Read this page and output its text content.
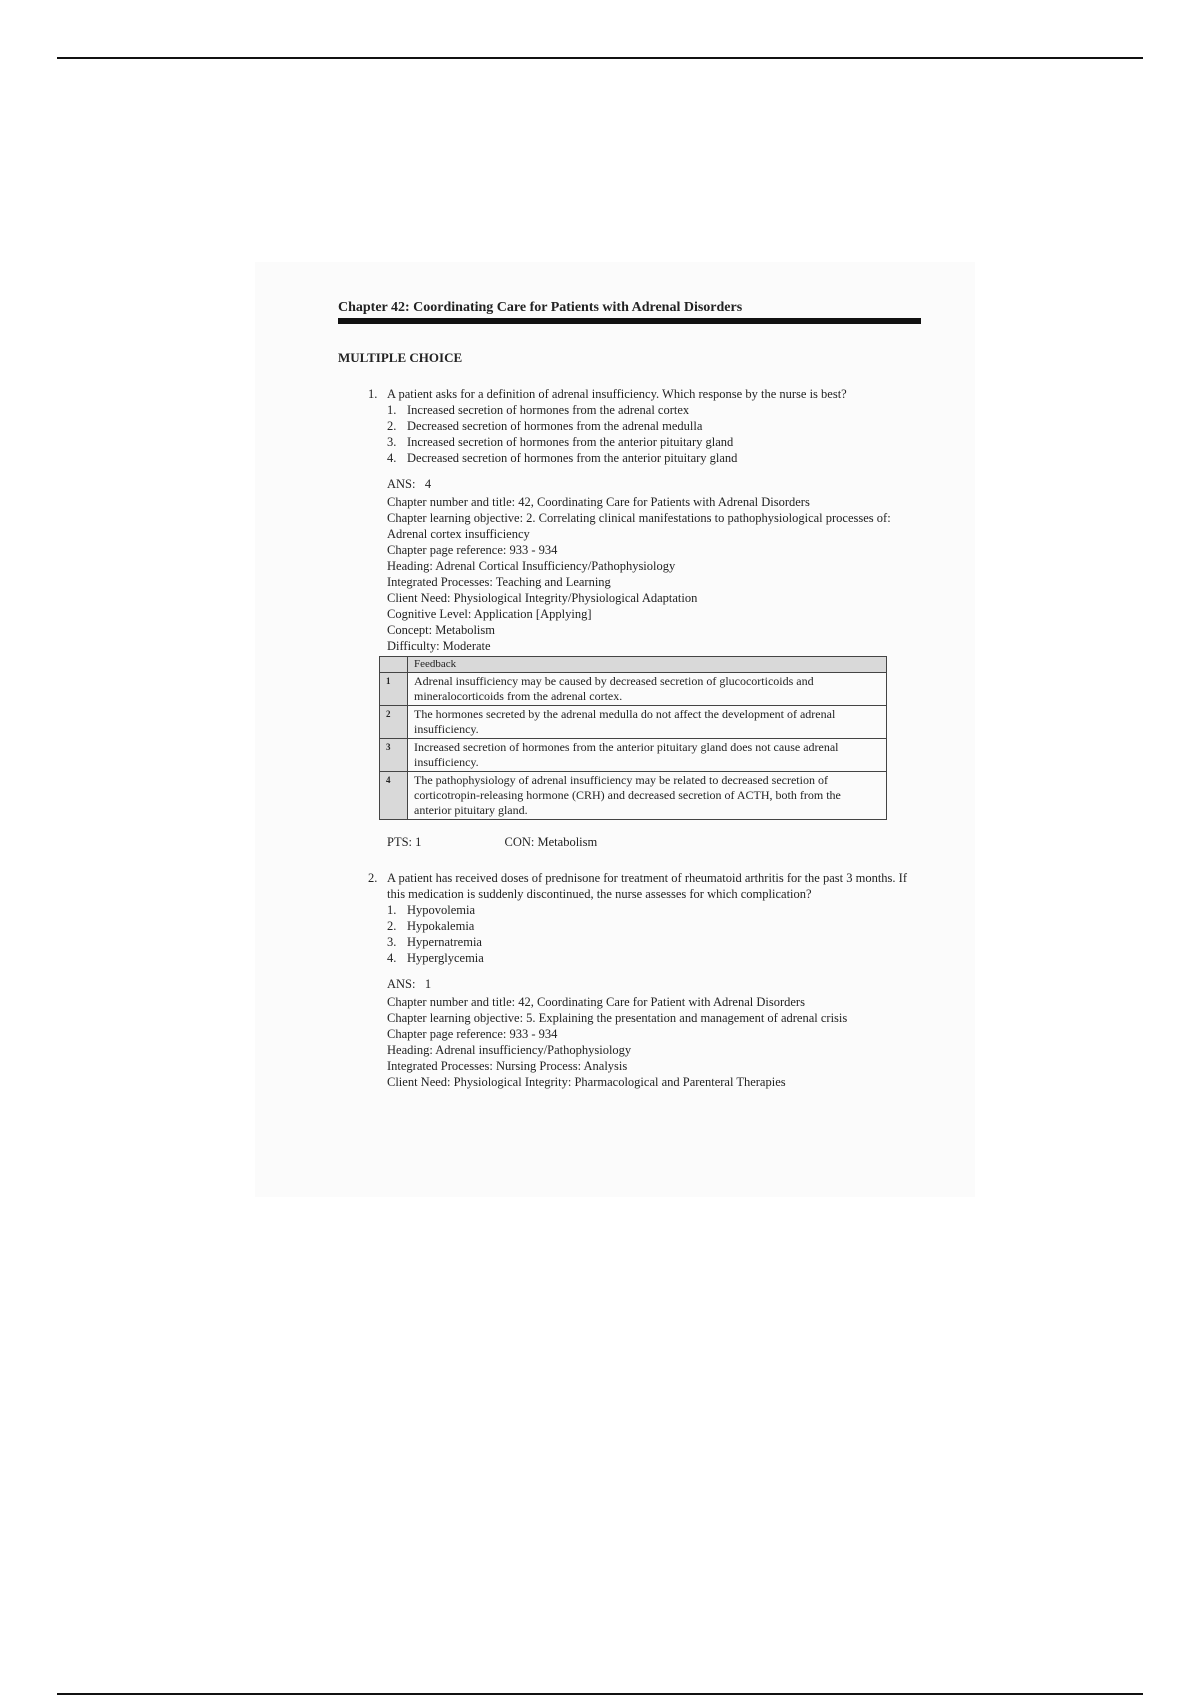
Chapter 42: Coordinating Care for Patients with Adrenal Disorders
MULTIPLE CHOICE
1. A patient asks for a definition of adrenal insufficiency. Which response by the nurse is best?
1. Increased secretion of hormones from the adrenal cortex
2. Decreased secretion of hormones from the adrenal medulla
3. Increased secretion of hormones from the anterior pituitary gland
4. Decreased secretion of hormones from the anterior pituitary gland
ANS: 4
Chapter number and title: 42, Coordinating Care for Patients with Adrenal Disorders
Chapter learning objective: 2. Correlating clinical manifestations to pathophysiological processes of: Adrenal cortex insufficiency
Chapter page reference: 933 - 934
Heading: Adrenal Cortical Insufficiency/Pathophysiology
Integrated Processes: Teaching and Learning
Client Need: Physiological Integrity/Physiological Adaptation
Cognitive Level: Application [Applying]
Concept: Metabolism
Difficulty: Moderate
	Feedback
1	Adrenal insufficiency may be caused by decreased secretion of glucocorticoids and mineralocorticoids from the adrenal cortex.
2	The hormones secreted by the adrenal medulla do not affect the development of adrenal insufficiency.
3	Increased secretion of hormones from the anterior pituitary gland does not cause adrenal insufficiency.
4	The pathophysiology of adrenal insufficiency may be related to decreased secretion of corticotropin-releasing hormone (CRH) and decreased secretion of ACTH, both from the anterior pituitary gland.
PTS: 1	CON: Metabolism
2. A patient has received doses of prednisone for treatment of rheumatoid arthritis for the past 3 months. If this medication is suddenly discontinued, the nurse assesses for which complication?
1. Hypovolemia
2. Hypokalemia
3. Hypernatremia
4. Hyperglycemia
ANS: 1
Chapter number and title: 42, Coordinating Care for Patient with Adrenal Disorders
Chapter learning objective: 5. Explaining the presentation and management of adrenal crisis
Chapter page reference: 933 - 934
Heading: Adrenal insufficiency/Pathophysiology
Integrated Processes: Nursing Process: Analysis
Client Need: Physiological Integrity: Pharmacological and Parenteral Therapies
